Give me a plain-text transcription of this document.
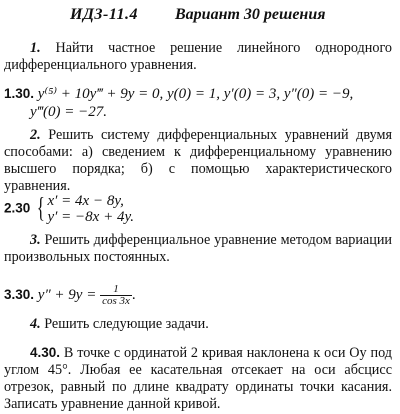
ИДЗ-11.4 Вариант 30 решения

1. Найти частное решение линейного однородного дифференциального уравнения.

1.30. y⁽⁵⁾ + 10y‴ + 9y = 0, y(0) = 1, y′(0) = 3, y″(0) = −9,
y‴(0) = −27.

2. Решить систему дифференциальных уравнений двумя способами: а) сведением к дифференциальному уравнению высшего порядка; б) с помощью характеристического уравнения.

2.30 { x′ = 4x − 8y,
y′ = −8x + 4y.

3. Решить дифференциальное уравнение методом вариации произвольных постоянных.

3.30. $y'' + 9y = \frac{1}{\cos 3x}$ .

4. Решить следующие задачи.

4.30. В точке с ординатой 2 кривая наклонена к оси Oy под углом 45°. Любая ее касательная отсекает на оси абсцисс отрезок, равный по длине квадрату ординаты точки касания. Записать уравнение данной кривой.
